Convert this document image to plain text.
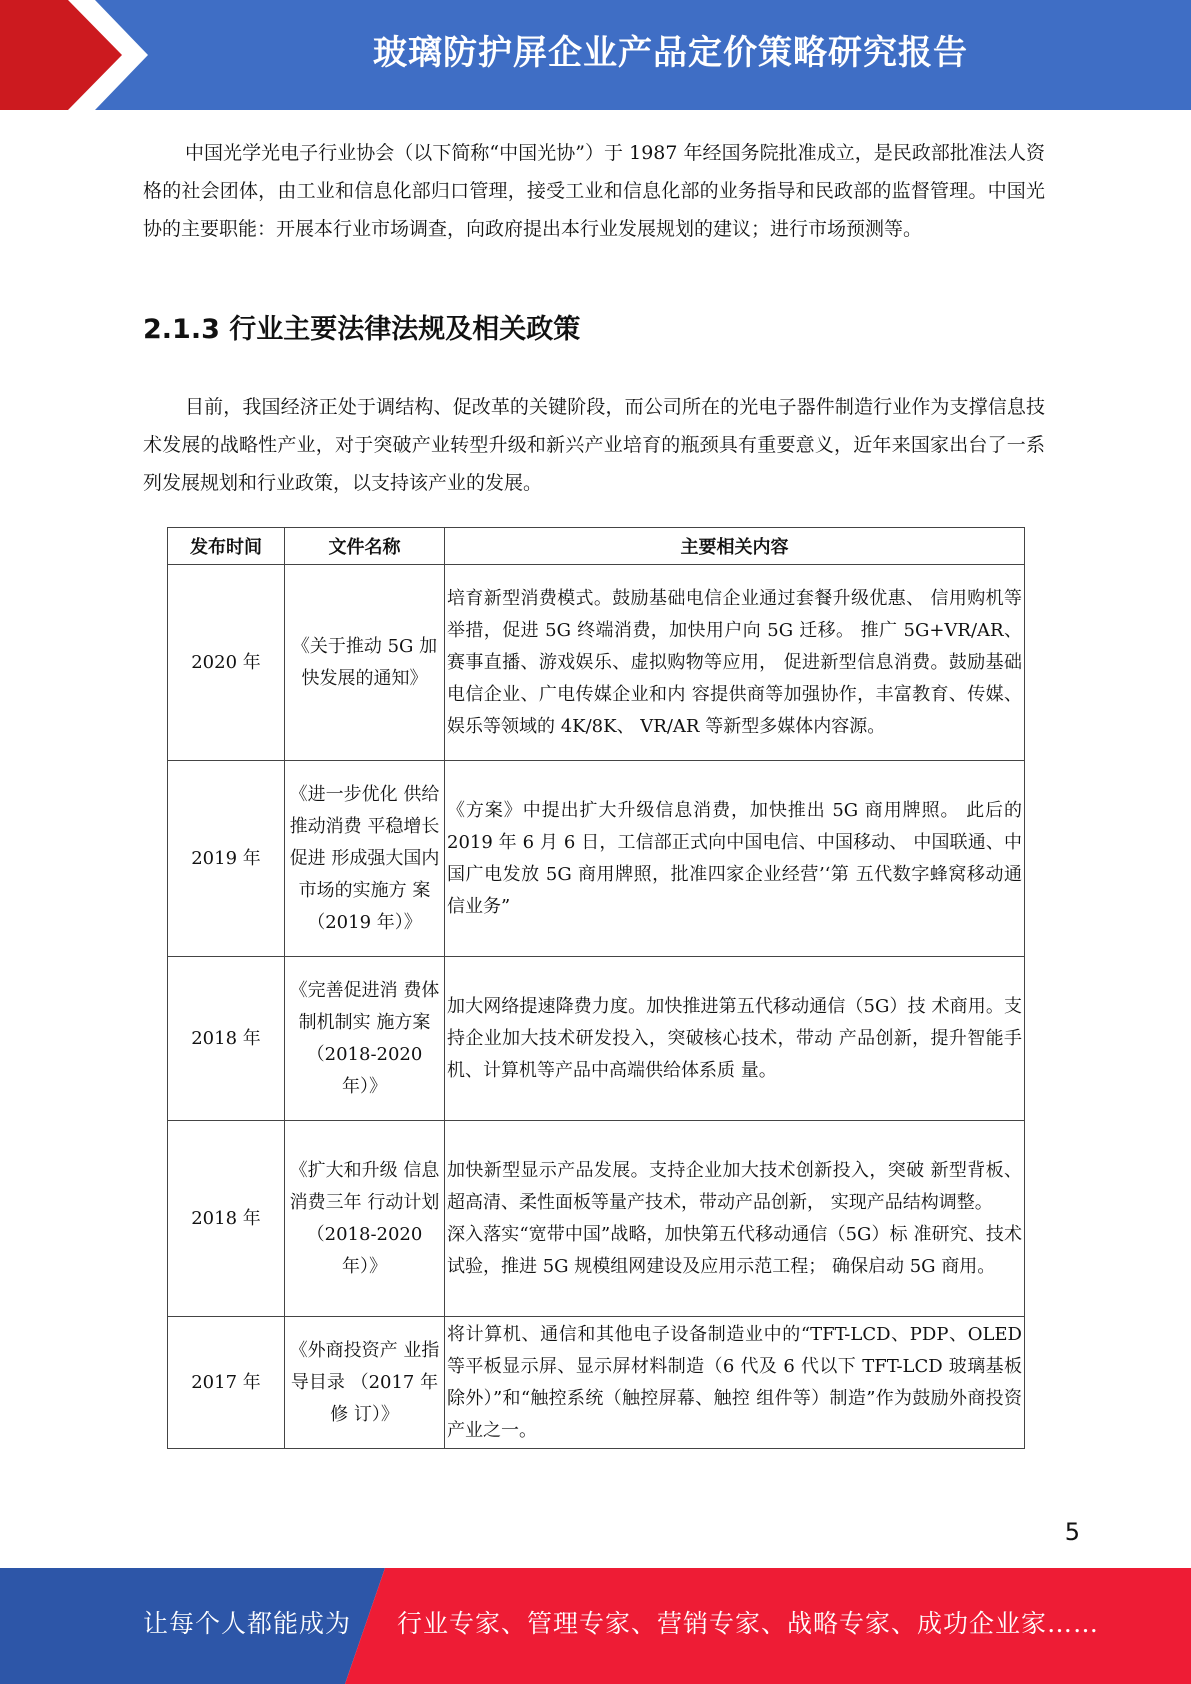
玻璃防护屏企业产品定价策略研究报告

中国光学光电子行业协会（以下简称“中国光协”）于 1987 年经国务院批准成立，是民政部批准法人资格的社会团体，由工业和信息化部归口管理，接受工业和信息化部的业务指导和民政部的监督管理。中国光协的主要职能：开展本行业市场调查，向政府提出本行业发展规划的建议；进行市场预测等。

2.1.3 行业主要法律法规及相关政策

目前，我国经济正处于调结构、促改革的关键阶段，而公司所在的光电子器件制造行业作为支撑信息技术发展的战略性产业，对于突破产业转型升级和新兴产业培育的瓶颈具有重要意义，近年来国家出台了一系列发展规划和行业政策，以支持该产业的发展。

发布时间	文件名称	主要相关内容
2020 年	《关于推动 5G 加快发展的通知》	培育新型消费模式。鼓励基础电信企业通过套餐升级优惠、 信用购机等举措，促进 5G 终端消费，加快用户向 5G 迁移。 推广 5G+VR/AR、赛事直播、游戏娱乐、虚拟购物等应用， 促进新型信息消费。鼓励基础电信企业、广电传媒企业和内 容提供商等加强协作，丰富教育、传媒、娱乐等领域的 4K/8K、 VR/AR 等新型多媒体内容源。
2019 年	《进一步优化 供给推动消费 平稳增长促进 形成强大国内 市场的实施方 案（2019 年）》	《方案》中提出扩大升级信息消费，加快推出 5G 商用牌照。 此后的 2019 年 6 月 6 日，工信部正式向中国电信、中国移动、 中国联通、中国广电发放 5G 商用牌照，批准四家企业经营’‘第 五代数字蜂窝移动通信业务”
2018 年	《完善促进消 费体制机制实 施方案 （2018-2020 年）》	加大网络提速降费力度。加快推进第五代移动通信（5G）技 术商用。支持企业加大技术研发投入，突破核心技术，带动 产品创新，提升智能手机、计算机等产品中高端供给体系质 量。
2018 年	《扩大和升级 信息消费三年 行动计划 （2018-2020 年）》	加快新型显示产品发展。支持企业加大技术创新投入，突破 新型背板、超高清、柔性面板等量产技术，带动产品创新， 实现产品结构调整。
深入落实“宽带中国”战略，加快第五代移动通信（5G）标 准研究、技术试验，推进 5G 规模组网建设及应用示范工程； 确保启动 5G 商用。
2017 年	《外商投资产 业指导目录 （2017 年修 订）》	将计算机、通信和其他电子设备制造业中的“TFT-LCD、PDP、OLED 等平板显示屏、显示屏材料制造（6 代及 6 代以下 TFT-LCD 玻璃基板除外）”和“触控系统（触控屏幕、触控 组件等）制造”作为鼓励外商投资产业之一。
5
让每个人都能成为 行业专家、管理专家、营销专家、战略专家、成功企业家……
